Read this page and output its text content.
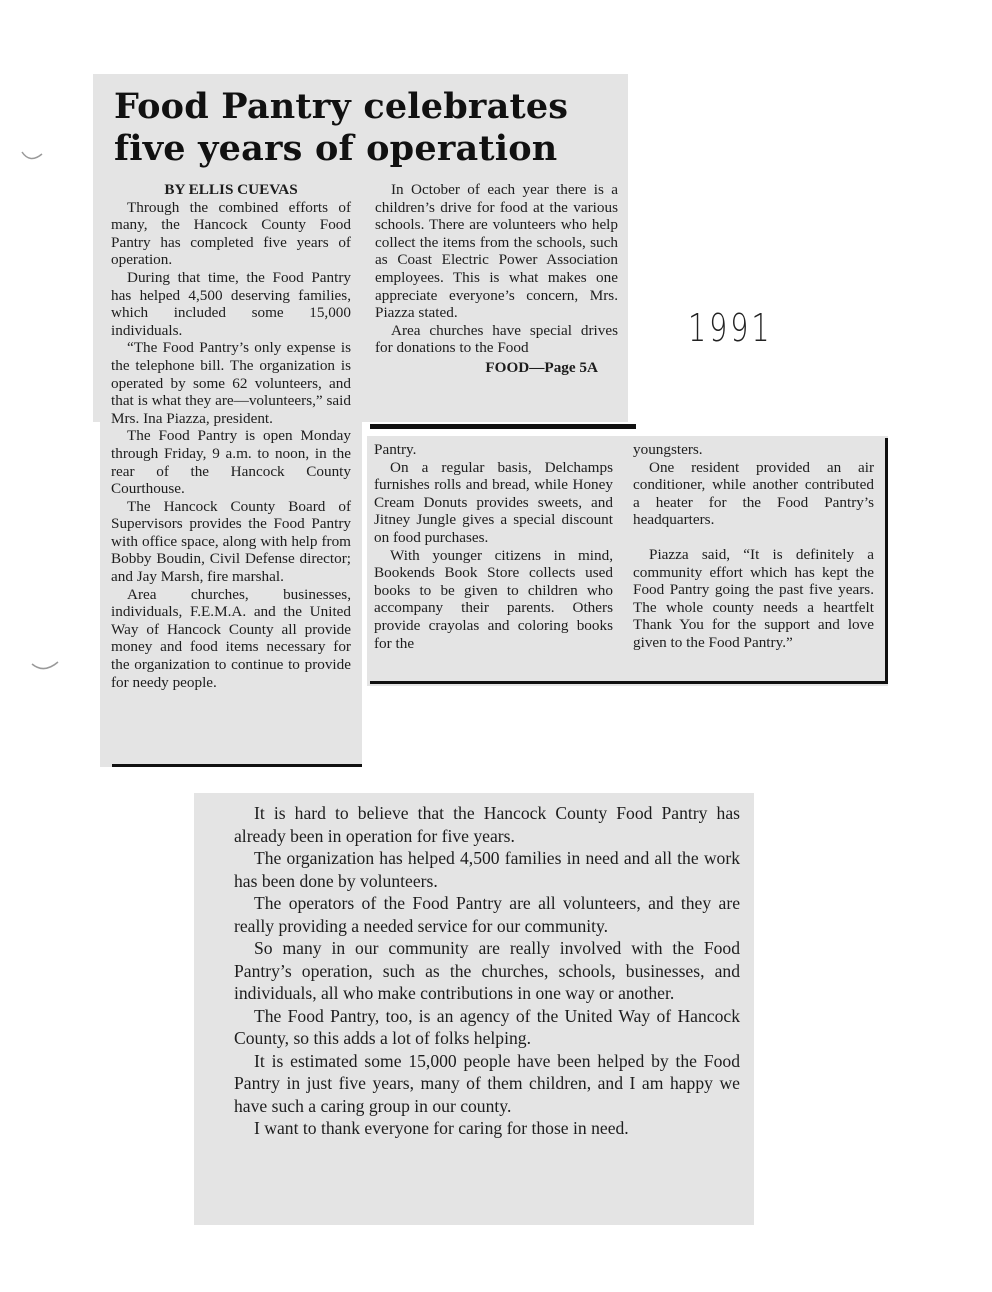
Food Pantry celebrates
five years of operation

BY ELLIS CUEVAS

Through the combined efforts of many, the Hancock County Food Pantry has completed five years of operation.

During that time, the Food Pantry has helped 4,500 deserving families, which included some 15,000 individuals.

“The Food Pantry’s only expense is the telephone bill. The organization is operated by some 62 volunteers, and that is what they are—volunteers,” said Mrs. Ina Piazza, president.

The Food Pantry is open Monday through Friday, 9 a.m. to noon, in the rear of the Hancock County Courthouse.

The Hancock County Board of Supervisors provides the Food Pantry with office space, along with help from Bobby Boudin, Civil Defense director; and Jay Marsh, fire marshal.

Area churches, businesses, individuals, F.E.M.A. and the United Way of Hancock County all provide money and food items necessary for the organization to continue to provide for needy people.

In October of each year there is a children’s drive for food at the various schools. There are volunteers who help collect the items from the schools, such as Coast Electric Power Association employees. This is what makes one appreciate everyone’s concern, Mrs. Piazza stated.

Area churches have special drives for donations to the Food

FOOD—Page 5A

Pantry.

On a regular basis, Delchamps furnishes rolls and bread, while Honey Cream Donuts provides sweets, and Jitney Jungle gives a special discount on food purchases.

With younger citizens in mind, Bookends Book Store collects used books to be given to children who accompany their parents. Others provide crayolas and coloring books for the

youngsters.

One resident provided an air conditioner, while another contributed a heater for the Food Pantry’s headquarters.

Piazza said, “It is definitely a community effort which has kept the Food Pantry going the past five years. The whole county needs a heartfelt Thank You for the support and love given to the Food Pantry.”

1991

It is hard to believe that the Hancock County Food Pantry has already been in operation for five years.

The organization has helped 4,500 families in need and all the work has been done by volunteers.

The operators of the Food Pantry are all volunteers, and they are really providing a needed service for our community.

So many in our community are really involved with the Food Pantry’s operation, such as the churches, schools, businesses, and individuals, all who make contributions in one way or another.

The Food Pantry, too, is an agency of the United Way of Hancock County, so this adds a lot of folks helping.

It is estimated some 15,000 people have been helped by the Food Pantry in just five years, many of them children, and I am happy we have such a caring group in our county.

I want to thank everyone for caring for those in need.
